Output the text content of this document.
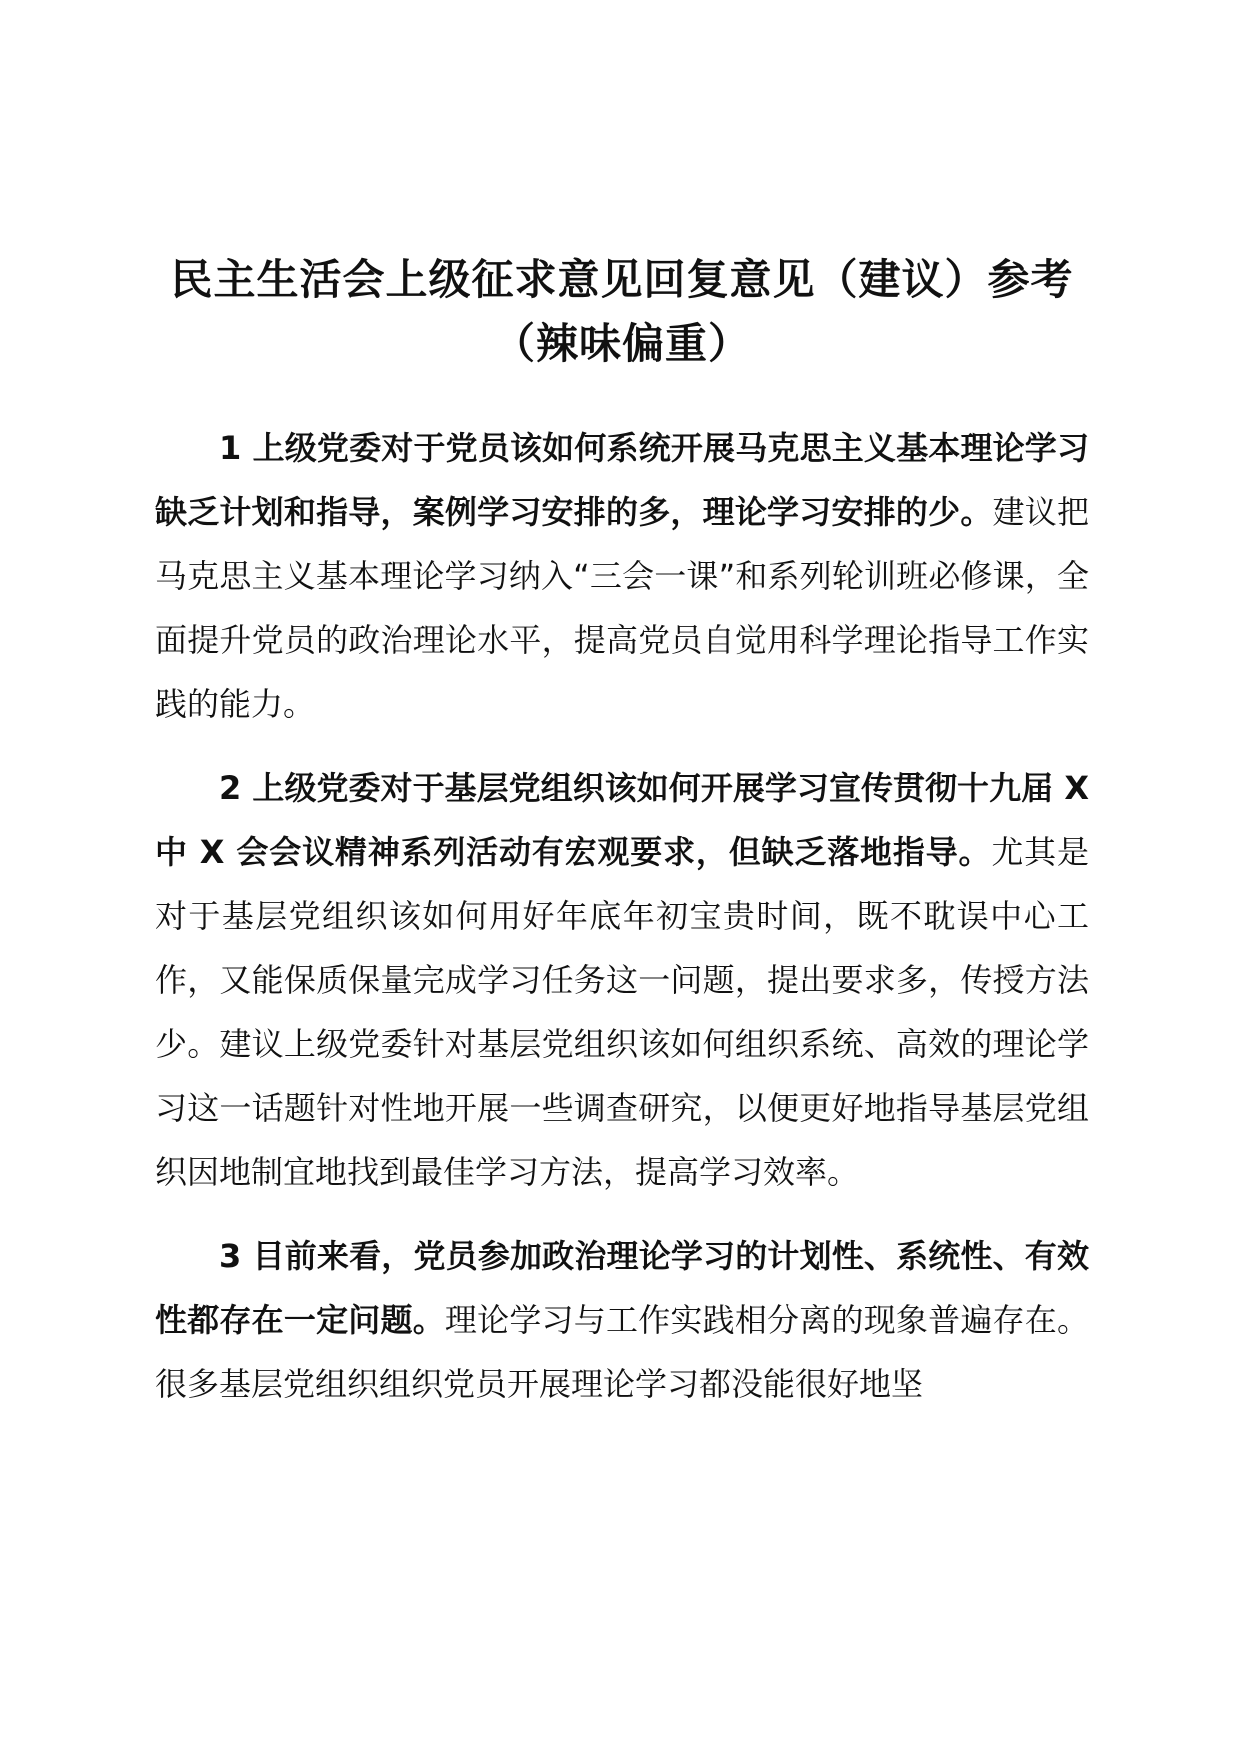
民主生活会上级征求意见回复意见（建议）参考（辣味偏重）

1 上级党委对于党员该如何系统开展马克思主义基本理论学习缺乏计划和指导，案例学习安排的多，理论学习安排的少。建议把马克思主义基本理论学习纳入“三会一课”和系列轮训班必修课，全面提升党员的政治理论水平，提高党员自觉用科学理论指导工作实践的能力。

2 上级党委对于基层党组织该如何开展学习宣传贯彻十九届 X 中 X 会会议精神系列活动有宏观要求，但缺乏落地指导。尤其是对于基层党组织该如何用好年底年初宝贵时间，既不耽误中心工作，又能保质保量完成学习任务这一问题，提出要求多，传授方法少。建议上级党委针对基层党组织该如何组织系统、高效的理论学习这一话题针对性地开展一些调查研究，以便更好地指导基层党组织因地制宜地找到最佳学习方法，提高学习效率。

3 目前来看，党员参加政治理论学习的计划性、系统性、有效性都存在一定问题。理论学习与工作实践相分离的现象普遍存在。很多基层党组织组织党员开展理论学习都没能很好地坚
